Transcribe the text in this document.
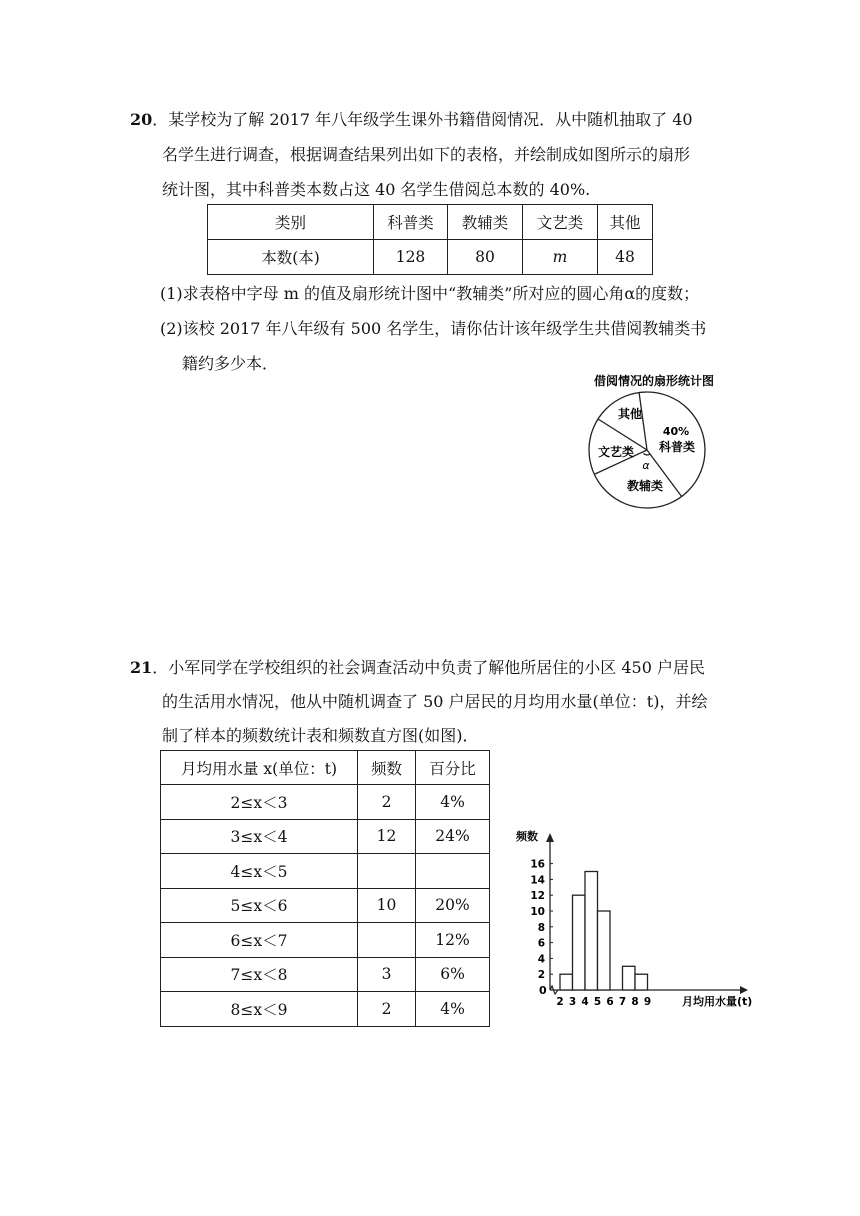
20．某学校为了解 2017 年八年级学生课外书籍借阅情况．从中随机抽取了 40
名学生进行调查，根据调查结果列出如下的表格，并绘制成如图所示的扇形
统计图，其中科普类本数占这 40 名学生借阅总本数的 40%.
类别	科普类	教辅类	文艺类	其他
本数(本)	128	80	m	48
(1)求表格中字母 m 的值及扇形统计图中“教辅类”所对应的圆心角α的度数；
(2)该校 2017 年八年级有 500 名学生，请你估计该年级学生共借阅教辅类书
籍约多少本．
借阅情况的扇形统计图
其他
40%
科普类
文艺类
α
教辅类
21．小军同学在学校组织的社会调查活动中负责了解他所居住的小区 450 户居民
的生活用水情况，他从中随机调查了 50 户居民的月均用水量(单位：t)，并绘
制了样本的频数统计表和频数直方图(如图)．
月均用水量 x(单位：t)	频数	百分比
2≤x＜3	2	4%
3≤x＜4	12	24%
4≤x＜5		
5≤x＜6	10	20%
6≤x＜7		12%
7≤x＜8	3	6%
8≤x＜9	2	4%
频数
月均用水量(t)
0
2
4
6
8
10
12
14
16
2 3 4 5 6 7 8 9
